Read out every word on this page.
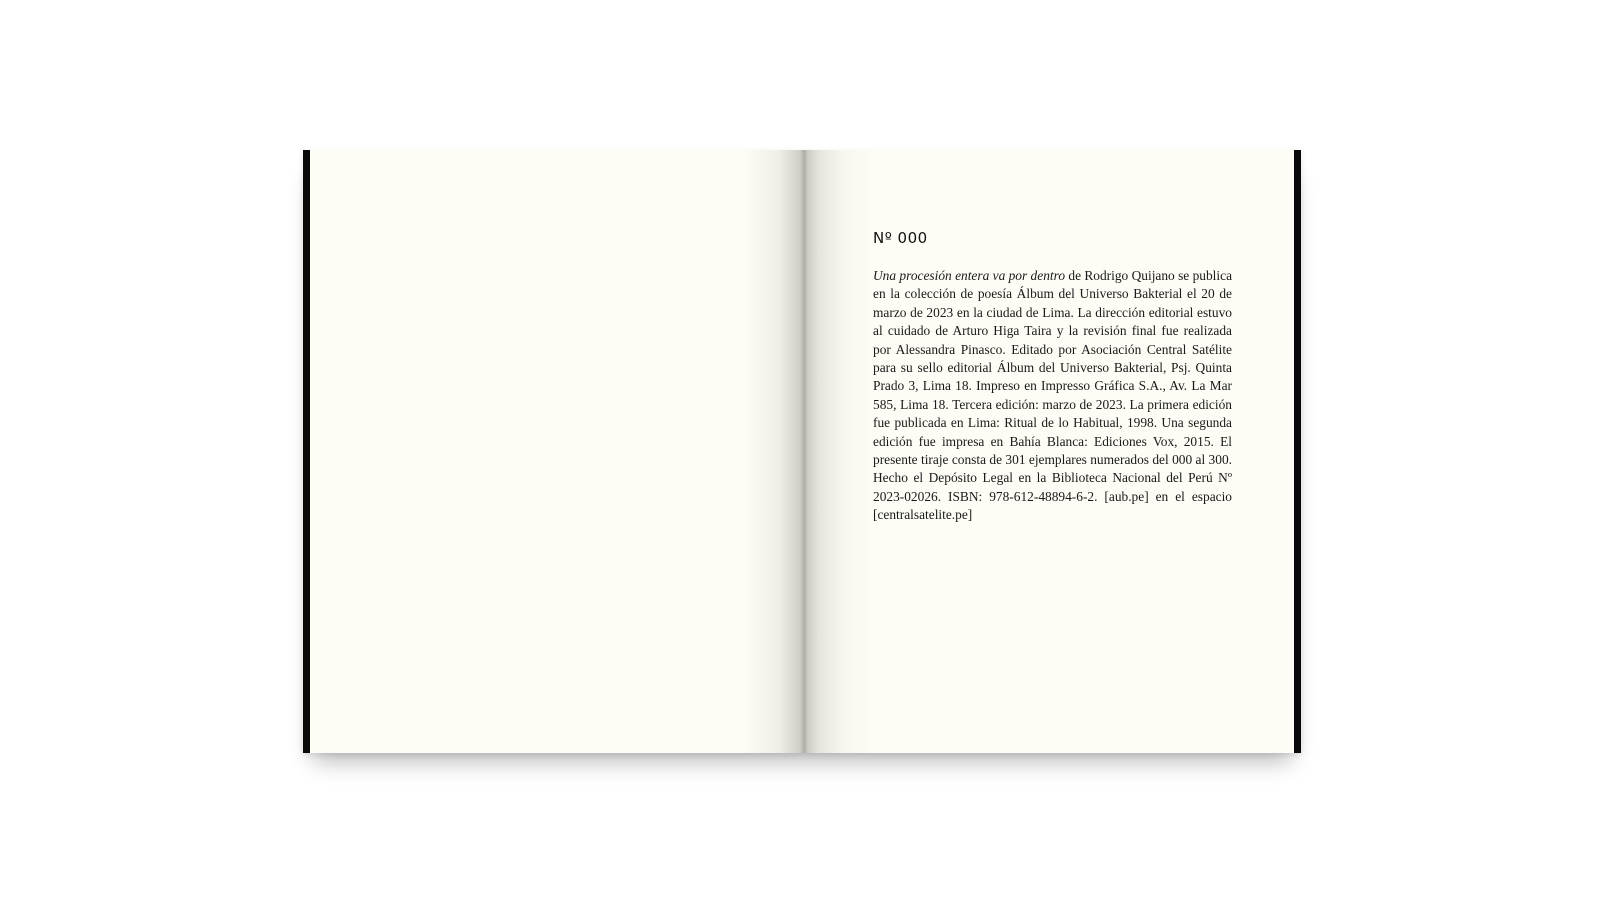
Nº 000

Una procesión entera va por dentro de Rodrigo Quijano se publica en la colección de poesía Álbum del Universo Bakterial el 20 de marzo de 2023 en la ciudad de Lima. La dirección editorial estuvo al cuidado de Arturo Higa Taira y la revisión final fue realizada por Alessandra Pinasco. Editado por Asociación Central Satélite para su sello editorial Álbum del Universo Bakterial, Psj. Quinta Prado 3, Lima 18. Impreso en Impresso Gráfica S.A., Av. La Mar 585, Lima 18. Tercera edición: marzo de 2023. La primera edición fue publicada en Lima: Ritual de lo Habitual, 1998. Una segunda edición fue impresa en Bahía Blanca: Ediciones Vox, 2015. El presente tiraje consta de 301 ejemplares numerados del 000 al 300. Hecho el Depósito Legal en la Biblioteca Nacional del Perú Nº 2023-02026. ISBN: 978-612-48894-6-2. [aub.pe] en el espacio [centralsatelite.pe]
